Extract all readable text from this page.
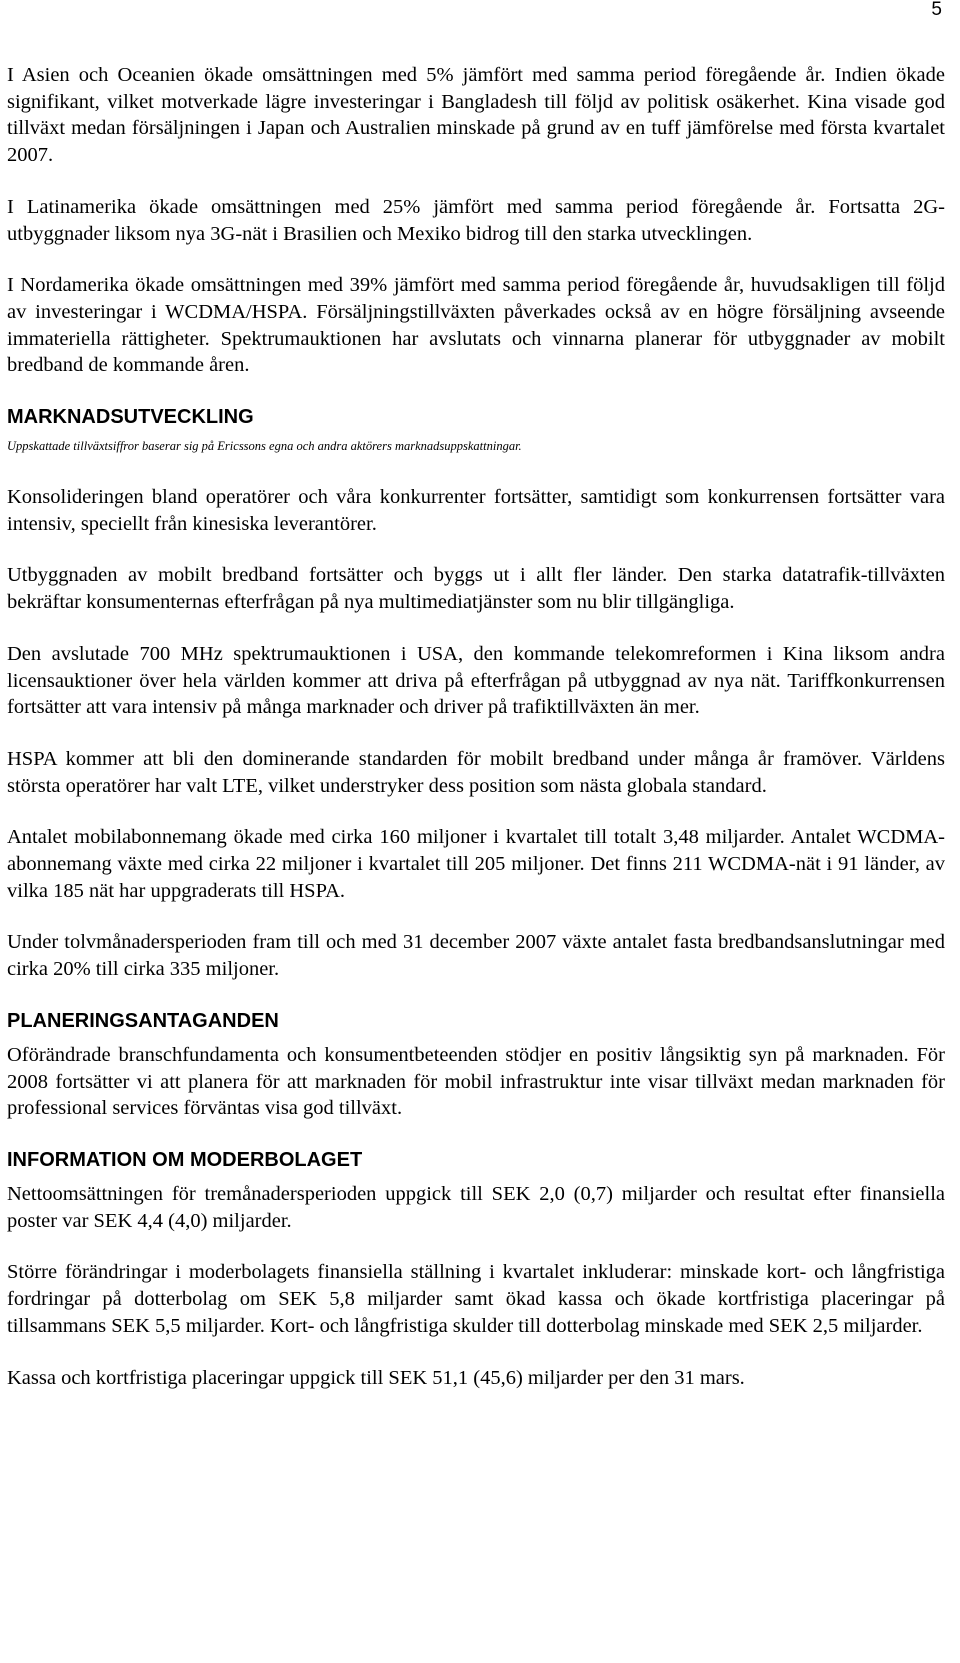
5

I Asien och Oceanien ökade omsättningen med 5% jämfört med samma period föregående år. Indien ökade signifikant, vilket motverkade lägre investeringar i Bangladesh till följd av politisk osäkerhet. Kina visade god tillväxt medan försäljningen i Japan och Australien minskade på grund av en tuff jämförelse med första kvartalet 2007.

I Latinamerika ökade omsättningen med 25% jämfört med samma period föregående år. Fortsatta 2G-utbyggnader liksom nya 3G-nät i Brasilien och Mexiko bidrog till den starka utvecklingen.

I Nordamerika ökade omsättningen med 39% jämfört med samma period föregående år, huvudsakligen till följd av investeringar i WCDMA/HSPA. Försäljningstillväxten påverkades också av en högre försäljning avseende immateriella rättigheter. Spektrumauktionen har avslutats och vinnarna planerar för utbyggnader av mobilt bredband de kommande åren.

MARKNADSUTVECKLING
Uppskattade tillväxtsiffror baserar sig på Ericssons egna och andra aktörers marknadsuppskattningar.

Konsolideringen bland operatörer och våra konkurrenter fortsätter, samtidigt som konkurrensen fortsätter vara intensiv, speciellt från kinesiska leverantörer.

Utbyggnaden av mobilt bredband fortsätter och byggs ut i allt fler länder. Den starka datatrafik-tillväxten bekräftar konsumenternas efterfrågan på nya multimediatjänster som nu blir tillgängliga.

Den avslutade 700 MHz spektrumauktionen i USA, den kommande telekomreformen i Kina liksom andra licensauktioner över hela världen kommer att driva på efterfrågan på utbyggnad av nya nät. Tariffkonkurrensen fortsätter att vara intensiv på många marknader och driver på trafiktillväxten än mer.

HSPA kommer att bli den dominerande standarden för mobilt bredband under många år framöver. Världens största operatörer har valt LTE, vilket understryker dess position som nästa globala standard.

Antalet mobilabonnemang ökade med cirka 160 miljoner i kvartalet till totalt 3,48 miljarder. Antalet WCDMA-abonnemang växte med cirka 22 miljoner i kvartalet till 205 miljoner. Det finns 211 WCDMA-nät i 91 länder, av vilka 185 nät har uppgraderats till HSPA.

Under tolvmånadersperioden fram till och med 31 december 2007 växte antalet fasta bredbandsanslutningar med cirka 20% till cirka 335 miljoner.

PLANERINGSANTAGANDEN

Oförändrade branschfundamenta och konsumentbeteenden stödjer en positiv långsiktig syn på marknaden. För 2008 fortsätter vi att planera för att marknaden för mobil infrastruktur inte visar tillväxt medan marknaden för professional services förväntas visa god tillväxt.

INFORMATION OM MODERBOLAGET

Nettoomsättningen för tremånadersperioden uppgick till SEK 2,0 (0,7) miljarder och resultat efter finansiella poster var SEK 4,4 (4,0) miljarder.

Större förändringar i moderbolagets finansiella ställning i kvartalet inkluderar: minskade kort- och långfristiga fordringar på dotterbolag om SEK 5,8 miljarder samt ökad kassa och ökade kortfristiga placeringar på tillsammans SEK 5,5 miljarder. Kort- och långfristiga skulder till dotterbolag minskade med SEK 2,5 miljarder.

Kassa och kortfristiga placeringar uppgick till SEK 51,1 (45,6) miljarder per den 31 mars.
